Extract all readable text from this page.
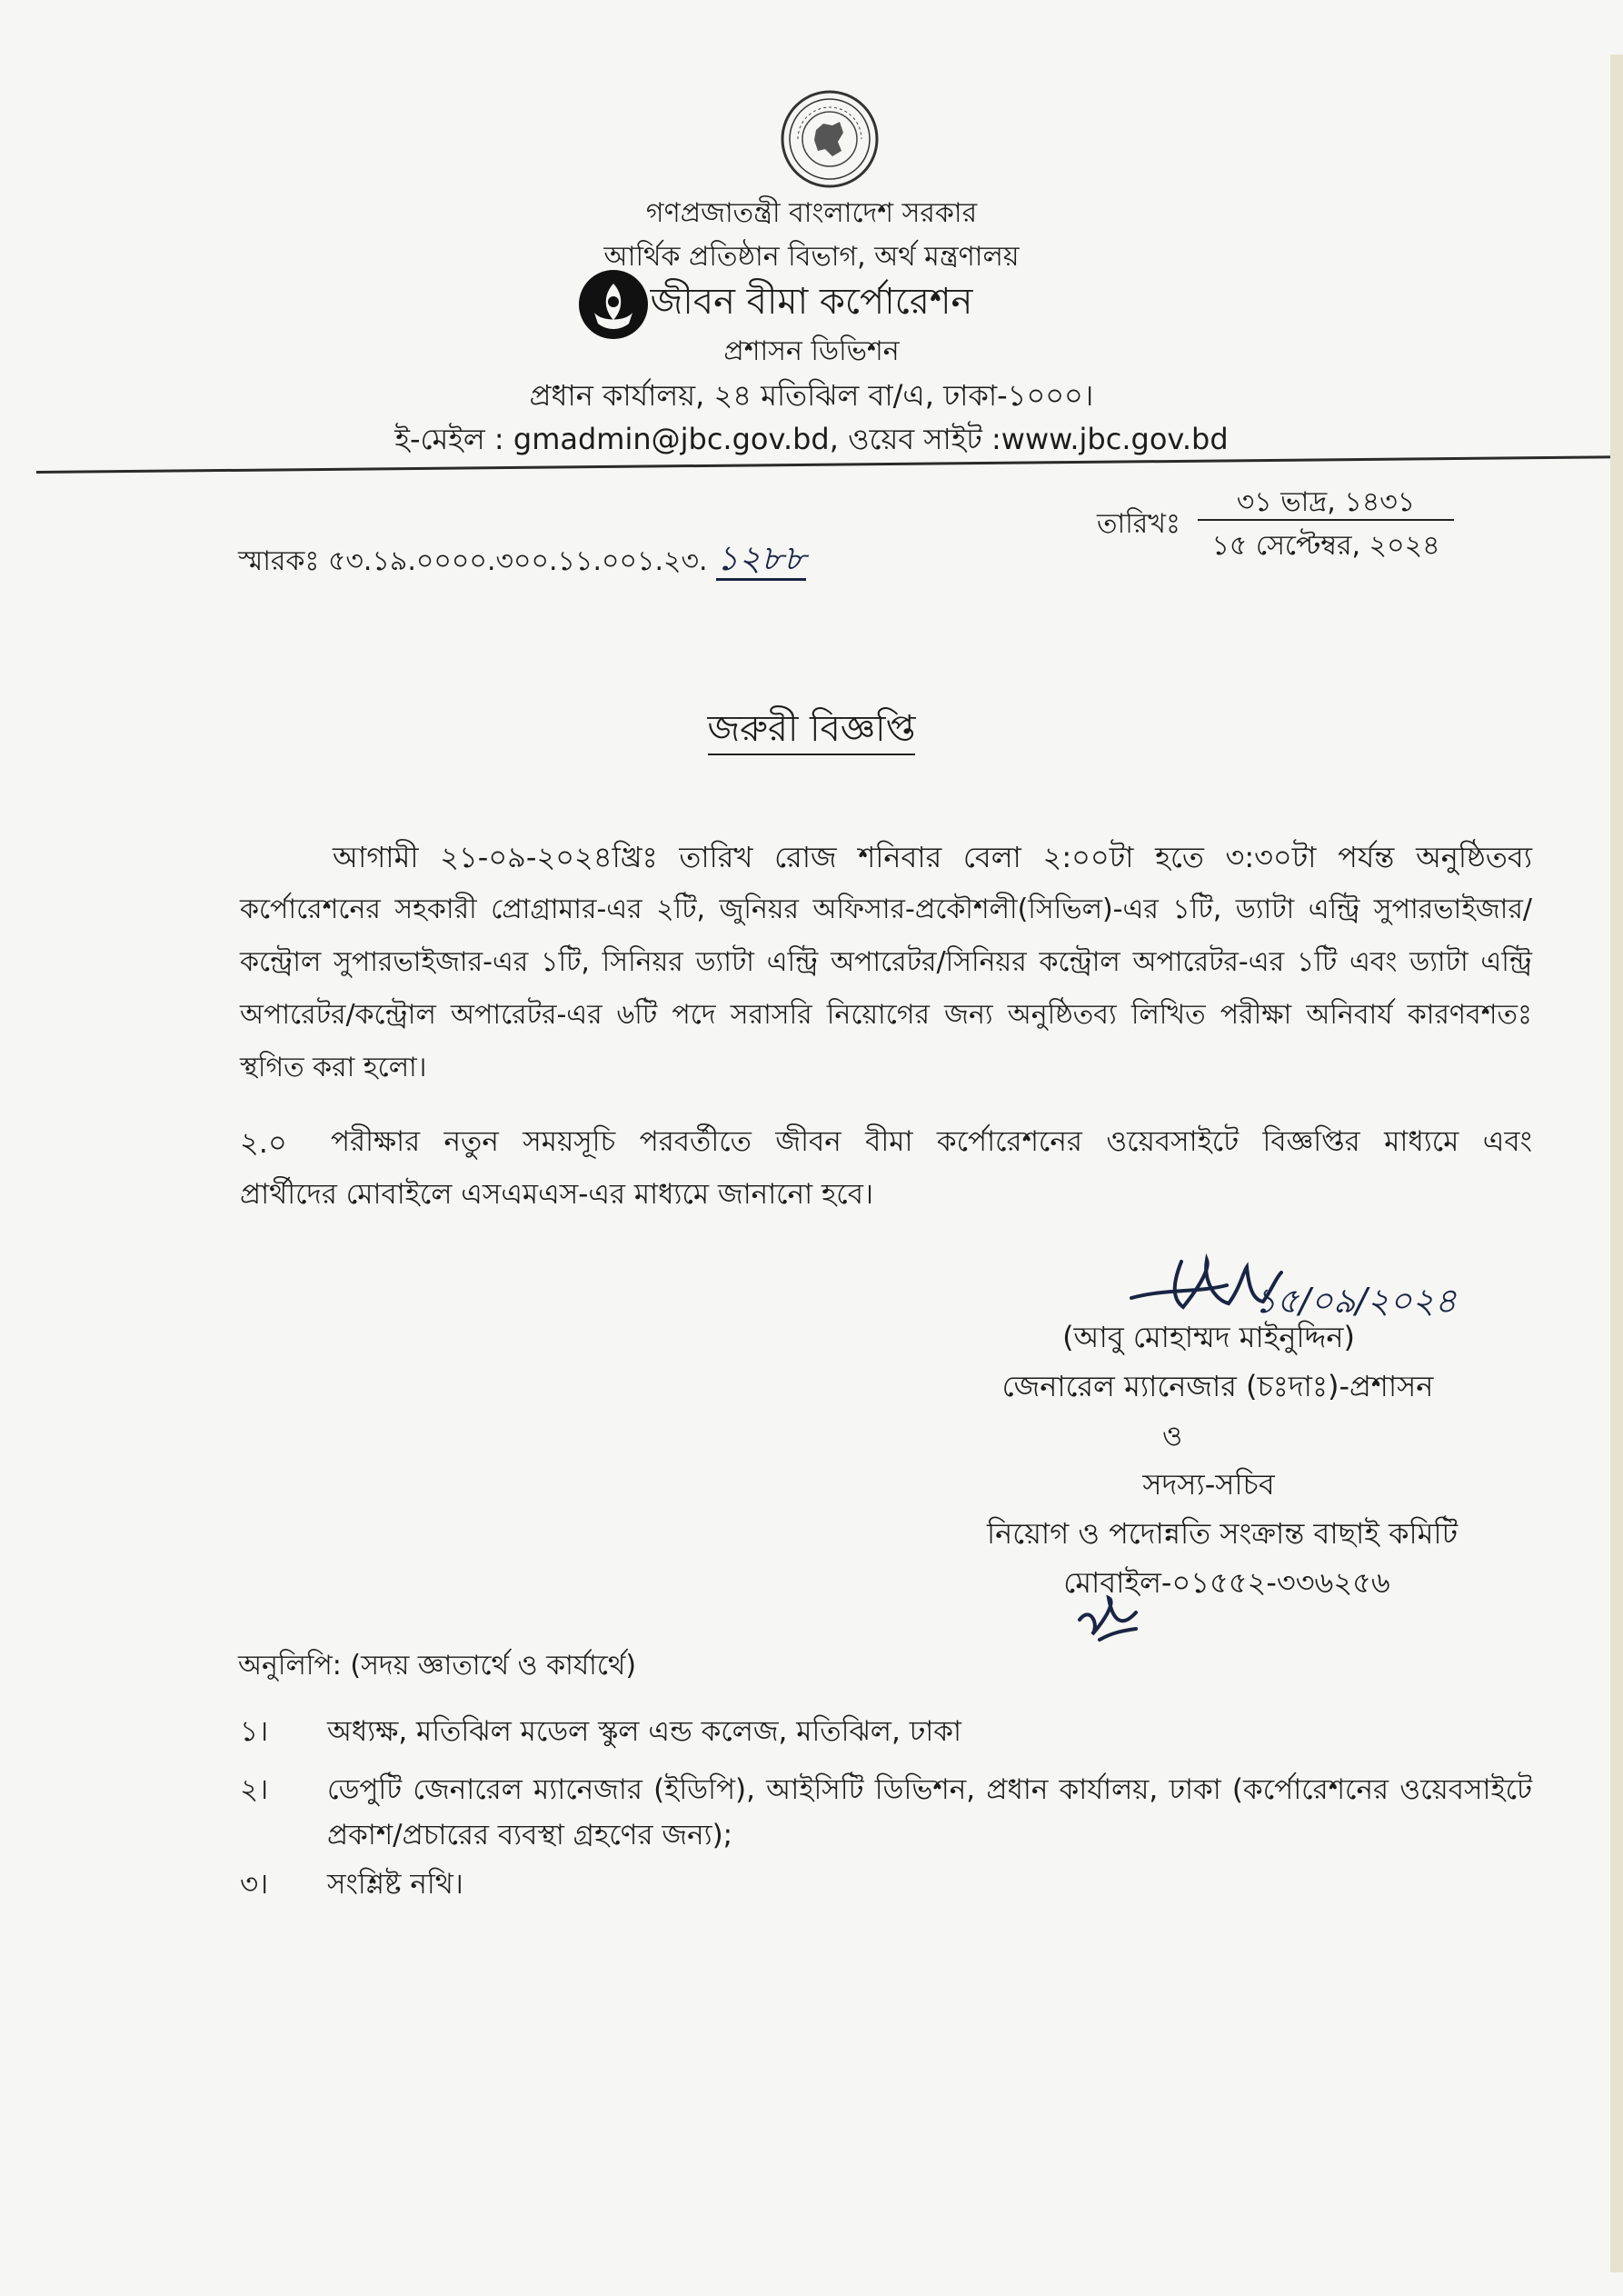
গণপ্রজাতন্ত্রী বাংলাদেশ সরকার
আর্থিক প্রতিষ্ঠান বিভাগ, অর্থ মন্ত্রণালয়
জীবন বীমা কর্পোরেশন
প্রশাসন ডিভিশন
প্রধান কার্যালয়, ২৪ মতিঝিল বা/এ, ঢাকা-১০০০।
ই-মেইল : gmadmin@jbc.gov.bd, ওয়েব সাইট :www.jbc.gov.bd
স্মারকঃ ৫৩.১৯.০০০০.৩০০.১১.০০১.২৩. ১২৮৮
তারিখঃ
৩১ ভাদ্র, ১৪৩১
১৫ সেপ্টেম্বর, ২০২৪
জরুরী বিজ্ঞপ্তি
আগামী ২১-০৯-২০২৪খ্রিঃ তারিখ রোজ শনিবার বেলা ২:০০টা হতে ৩:৩০টা পর্যন্ত অনুষ্ঠিতব্য
কর্পোরেশনের সহকারী প্রোগ্রামার-এর ২টি, জুনিয়র অফিসার-প্রকৌশলী(সিভিল)-এর ১টি, ড্যাটা এন্ট্রি সুপারভাইজার/
কন্ট্রোল সুপারভাইজার-এর ১টি, সিনিয়র ড্যাটা এন্ট্রি অপারেটর/সিনিয়র কন্ট্রোল অপারেটর-এর ১টি এবং ড্যাটা এন্ট্রি
অপারেটর/কন্ট্রোল অপারেটর-এর ৬টি পদে সরাসরি নিয়োগের জন্য অনুষ্ঠিতব্য লিখিত পরীক্ষা অনিবার্য কারণবশতঃ
স্থগিত করা হলো।
২.০ পরীক্ষার নতুন সময়সূচি পরবর্তীতে জীবন বীমা কর্পোরেশনের ওয়েবসাইটে বিজ্ঞপ্তির মাধ্যমে এবং
প্রার্থীদের মোবাইলে এসএমএস-এর মাধ্যমে জানানো হবে।
১৫/০৯/২০২৪
(আবু মোহাম্মদ মাইনুদ্দিন)
জেনারেল ম্যানেজার (চঃদাঃ)-প্রশাসন
ও
সদস্য-সচিব
নিয়োগ ও পদোন্নতি সংক্রান্ত বাছাই কমিটি
মোবাইল-০১৫৫২-৩৩৬২৫৬
অনুলিপি: (সদয় জ্ঞাতার্থে ও কার্যার্থে)
১। অধ্যক্ষ, মতিঝিল মডেল স্কুল এন্ড কলেজ, মতিঝিল, ঢাকা
২। ডেপুটি জেনারেল ম্যানেজার (ইডিপি), আইসিটি ডিভিশন, প্রধান কার্যালয়, ঢাকা (কর্পোরেশনের ওয়েবসাইটে প্রকাশ/প্রচারের ব্যবস্থা গ্রহণের জন্য);
৩। সংশ্লিষ্ট নথি।
